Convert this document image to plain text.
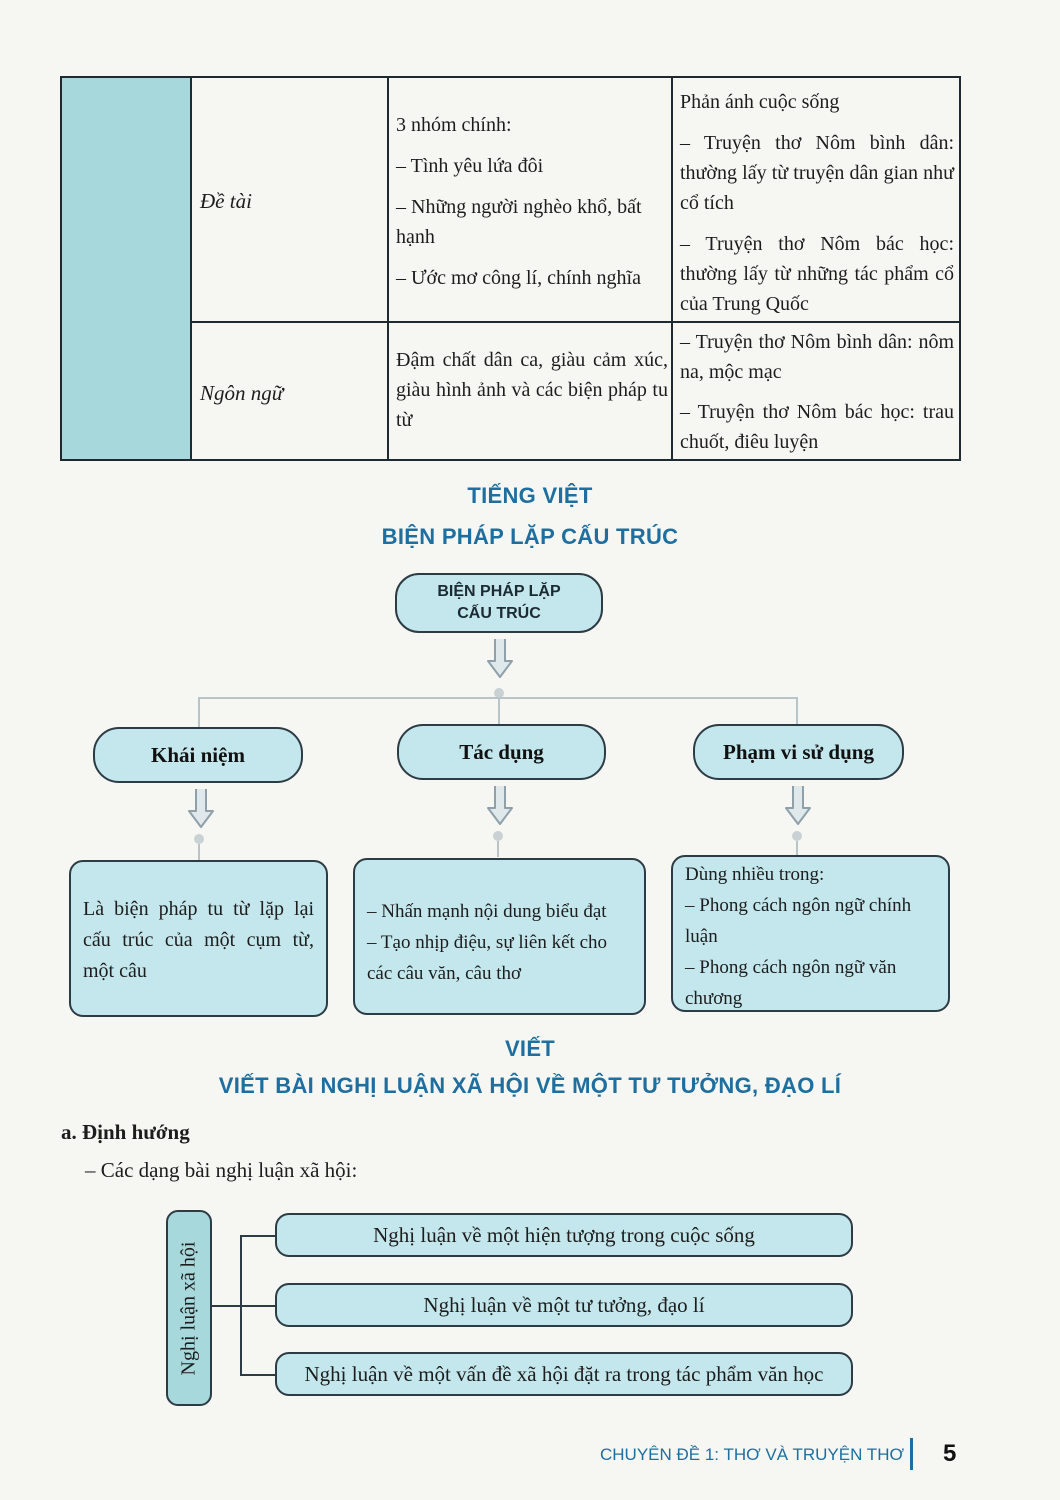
Đề tài

3 nhóm chính:

– Tình yêu lứa đôi

– Những người nghèo khổ, bất hạnh

– Ước mơ công lí, chính nghĩa

Phản ánh cuộc sống

– Truyện thơ Nôm bình dân: thường lấy từ truyện dân gian như cổ tích

– Truyện thơ Nôm bác học: thường lấy từ những tác phẩm cổ của Trung Quốc

Ngôn ngữ

Đậm chất dân ca, giàu cảm xúc, giàu hình ảnh và các biện pháp tu từ

– Truyện thơ Nôm bình dân: nôm na, mộc mạc

– Truyện thơ Nôm bác học: trau chuốt, điêu luyện

TIẾNG VIỆT
BIỆN PHÁP LẶP CẤU TRÚC
BIỆN PHÁP LẶP
CẤU TRÚC
Khái niệm	Tác dụng	Phạm vi sử dụng

Là biện pháp tu từ lặp lại cấu trúc của một cụm từ, một câu

– Nhấn mạnh nội dung biểu đạt

– Tạo nhịp điệu, sự liên kết cho các câu văn, câu thơ

Dùng nhiều trong:

– Phong cách ngôn ngữ chính luận

– Phong cách ngôn ngữ văn chương

VIẾT
VIẾT BÀI NGHỊ LUẬN XÃ HỘI VỀ MỘT TƯ TƯỞNG, ĐẠO LÍ
a. Định hướng
– Các dạng bài nghị luận xã hội:
Nghị luận xã hội
Nghị luận về một hiện tượng trong cuộc sống
Nghị luận về một tư tưởng, đạo lí
Nghị luận về một vấn đề xã hội đặt ra trong tác phẩm văn học
CHUYÊN ĐỀ 1: THƠ VÀ TRUYỆN THƠ 5
